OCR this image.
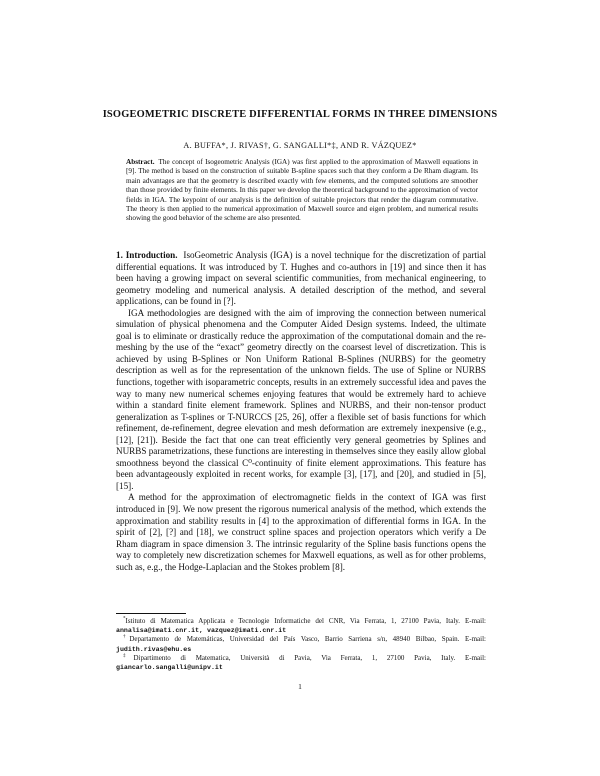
ISOGEOMETRIC DISCRETE DIFFERENTIAL FORMS IN THREE DIMENSIONS
A. BUFFA*, J. RIVAS†, G. SANGALLI*‡, AND R. VÁZQUEZ*
Abstract. The concept of Isogeometric Analysis (IGA) was first applied to the approximation of Maxwell equations in [9]. The method is based on the construction of suitable B-spline spaces such that they conform a De Rham diagram. Its main advantages are that the geometry is described exactly with few elements, and the computed solutions are smoother than those provided by finite elements. In this paper we develop the theoretical background to the approximation of vector fields in IGA. The keypoint of our analysis is the definition of suitable projectors that render the diagram commutative. The theory is then applied to the numerical approximation of Maxwell source and eigen problem, and numerical results showing the good behavior of the scheme are also presented.

1. Introduction. IsoGeometric Analysis (IGA) is a novel technique for the discretization of partial differential equations. It was introduced by T. Hughes and co-authors in [19] and since then it has been having a growing impact on several scientific communities, from mechanical engineering, to geometry modeling and numerical analysis. A detailed description of the method, and several applications, can be found in [?].

IGA methodologies are designed with the aim of improving the connection between numerical simulation of physical phenomena and the Computer Aided Design systems. Indeed, the ultimate goal is to eliminate or drastically reduce the approximation of the computational domain and the re-meshing by the use of the “exact” geometry directly on the coarsest level of discretization. This is achieved by using B-Splines or Non Uniform Rational B-Splines (NURBS) for the geometry description as well as for the representation of the unknown fields. The use of Spline or NURBS functions, together with isoparametric concepts, results in an extremely successful idea and paves the way to many new numerical schemes enjoying features that would be extremely hard to achieve within a standard finite element framework. Splines and NURBS, and their non-tensor product generalization as T-splines or T-NURCCS [25, 26], offer a flexible set of basis functions for which refinement, de-refinement, degree elevation and mesh deformation are extremely inexpensive (e.g., [12], [21]). Beside the fact that one can treat efficiently very general geometries by Splines and NURBS parametrizations, these functions are interesting in themselves since they easily allow global smoothness beyond the classical C⁰-continuity of finite element approximations. This feature has been advantageously exploited in recent works, for example [3], [17], and [20], and studied in [5], [15].

A method for the approximation of electromagnetic fields in the context of IGA was first introduced in [9]. We now present the rigorous numerical analysis of the method, which extends the approximation and stability results in [4] to the approximation of differential forms in IGA. In the spirit of [2], [?] and [18], we construct spline spaces and projection operators which verify a De Rham diagram in space dimension 3. The intrinsic regularity of the Spline basis functions opens the way to completely new discretization schemes for Maxwell equations, as well as for other problems, such as, e.g., the Hodge-Laplacian and the Stokes problem [8].

*Istituto di Matematica Applicata e Tecnologie Informatiche del CNR, Via Ferrata, 1, 27100 Pavia, Italy. E-mail: annalisa@imati.cnr.it, vazquez@imati.cnr.it

†Departamento de Matemáticas, Universidad del País Vasco, Barrio Sarriena s/n, 48940 Bilbao, Spain. E-mail: judith.rivas@ehu.es

‡Dipartimento di Matematica, Università di Pavia, Via Ferrata, 1, 27100 Pavia, Italy. E-mail: giancarlo.sangalli@unipv.it

1
